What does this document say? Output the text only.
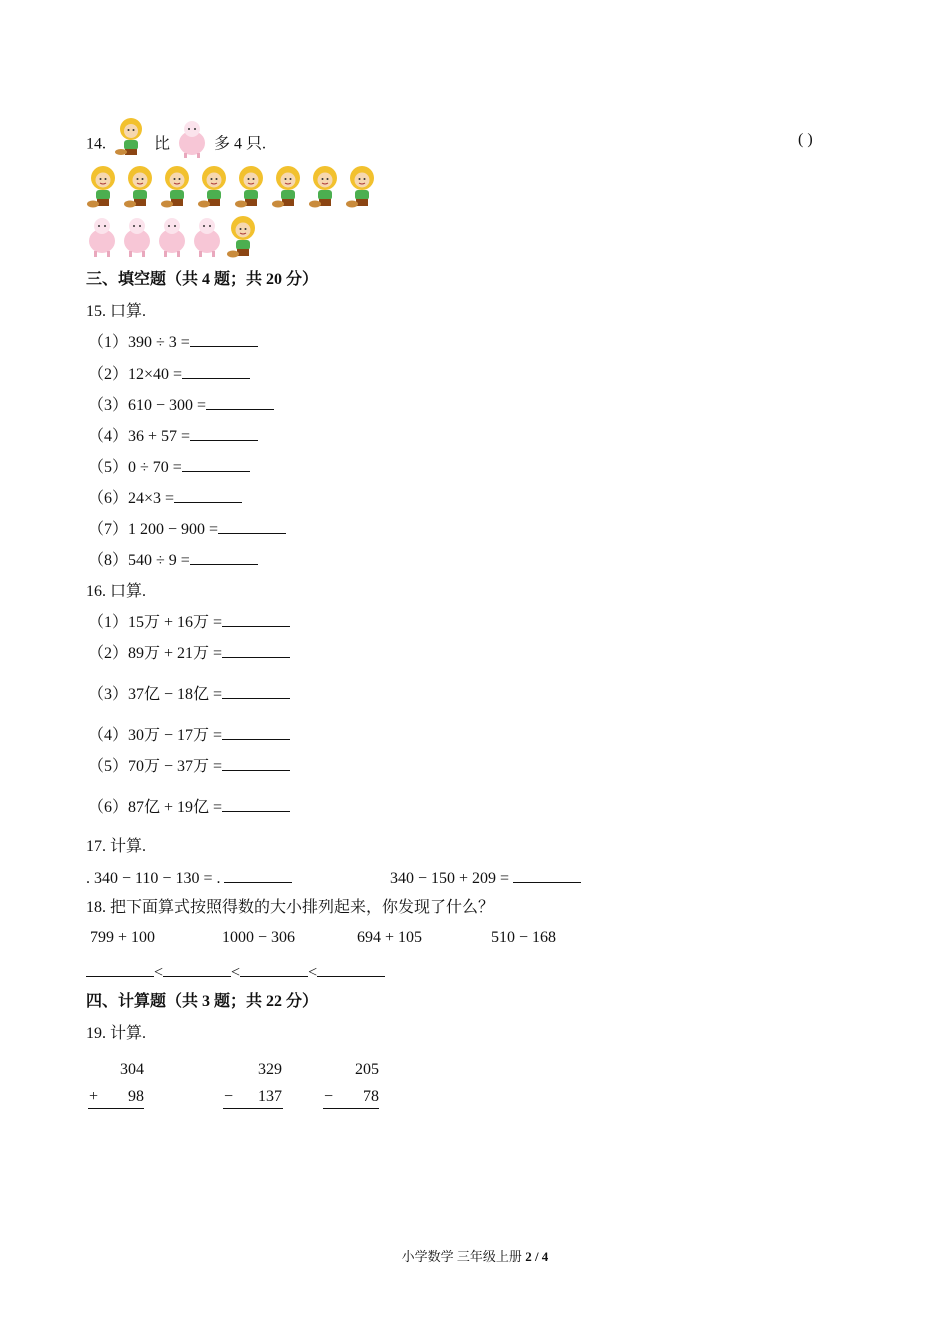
14.	比	多 4 只.	( )
三、填空题（共 4 题；共 20 分）
15. 口算.
（1）390 ÷ 3 =
（2）12×40 =
（3）610 − 300 =
（4）36 + 57 =
（5）0 ÷ 70 =
（6）24×3 =
（7）1 200 − 900 =
（8）540 ÷ 9 =
16. 口算.
（1）15万 + 16万 =
（2）89万 + 21万 =
（3）37亿 − 18亿 =
（4）30万 − 17万 =
（5）70万 − 37万 =
（6）87亿 + 19亿 =
17. 计算.
. 340 − 110 − 130 = .	340 − 150 + 209 =
18. 把下面算式按照得数的大小排列起来，你发现了什么？
799 + 100	1000 − 306	694 + 105	510 − 168
<	<	<
四、计算题（共 3 题；共 22 分）
19. 计算.
304
+	98
329
−	137
205
−	78
小学数学 三年级上册 2 / 4
